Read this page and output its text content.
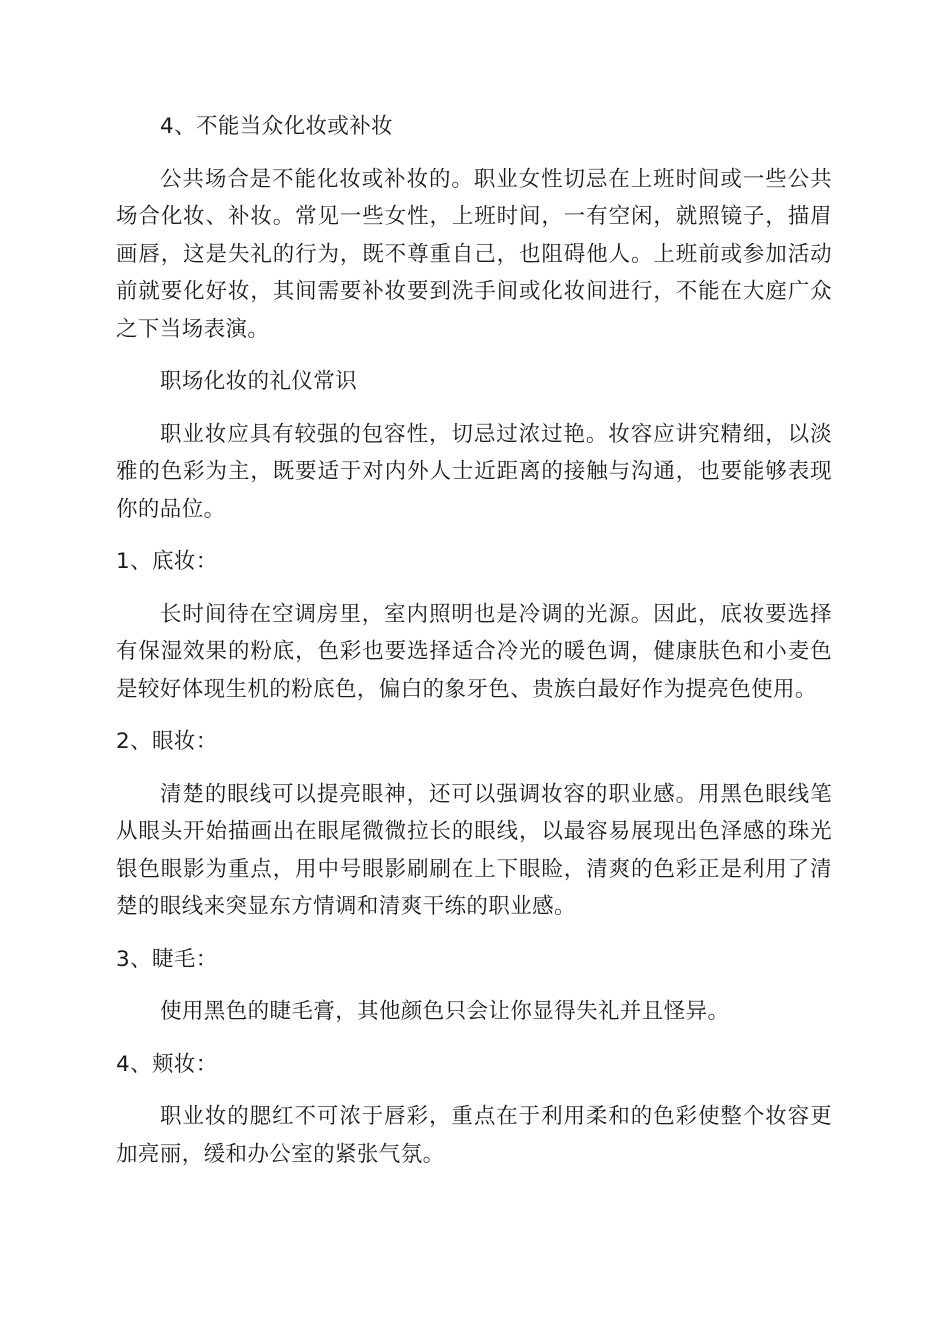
4、不能当众化妆或补妆

公共场合是不能化妆或补妆的。职业女性切忌在上班时间或一些公共场合化妆、补妆。常见一些女性，上班时间，一有空闲，就照镜子，描眉画唇，这是失礼的行为，既不尊重自己，也阻碍他人。上班前或参加活动前就要化好妆，其间需要补妆要到洗手间或化妆间进行，不能在大庭广众之下当场表演。

职场化妆的礼仪常识

职业妆应具有较强的包容性，切忌过浓过艳。妆容应讲究精细，以淡雅的色彩为主，既要适于对内外人士近距离的接触与沟通，也要能够表现你的品位。

1、底妆：

长时间待在空调房里，室内照明也是冷调的光源。因此，底妆要选择有保湿效果的粉底，色彩也要选择适合冷光的暖色调，健康肤色和小麦色是较好体现生机的粉底色，偏白的象牙色、贵族白最好作为提亮色使用。

2、眼妆：

清楚的眼线可以提亮眼神，还可以强调妆容的职业感。用黑色眼线笔从眼头开始描画出在眼尾微微拉长的眼线，以最容易展现出色泽感的珠光银色眼影为重点，用中号眼影刷刷在上下眼睑，清爽的色彩正是利用了清楚的眼线来突显东方情调和清爽干练的职业感。

3、睫毛：

使用黑色的睫毛膏，其他颜色只会让你显得失礼并且怪异。

4、颊妆：

职业妆的腮红不可浓于唇彩，重点在于利用柔和的色彩使整个妆容更加亮丽，缓和办公室的紧张气氛。
